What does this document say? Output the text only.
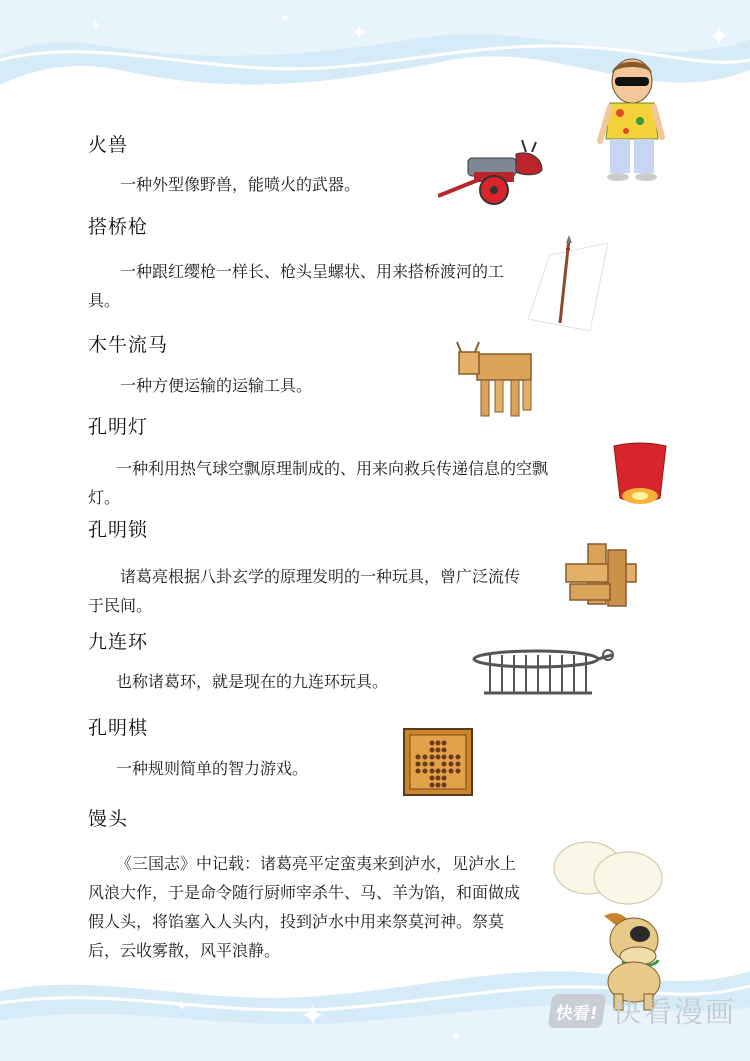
✦	✦
✦	✦
✦
✦
✦
火兽

一种外型像野兽，能喷火的武器。

搭桥枪

一种跟红缨枪一样长、枪头呈螺状、用来搭桥渡河的工

具。

木牛流马

一种方便运输的运输工具。

孔明灯

一种利用热气球空飘原理制成的、用来向救兵传递信息的空飘

灯。

孔明锁

诸葛亮根据八卦玄学的原理发明的一种玩具，曾广泛流传

于民间。

九连环

也称诸葛环，就是现在的九连环玩具。

孔明棋

一种规则简单的智力游戏。

馒头

《三国志》中记载：诸葛亮平定蛮夷来到泸水，见泸水上

风浪大作，于是命令随行厨师宰杀牛、马、羊为馅，和面做成

假人头，将馅塞入人头内，投到泸水中用来祭莫河神。祭莫

后，云收雾散，风平浪静。

快看! 快看漫画
